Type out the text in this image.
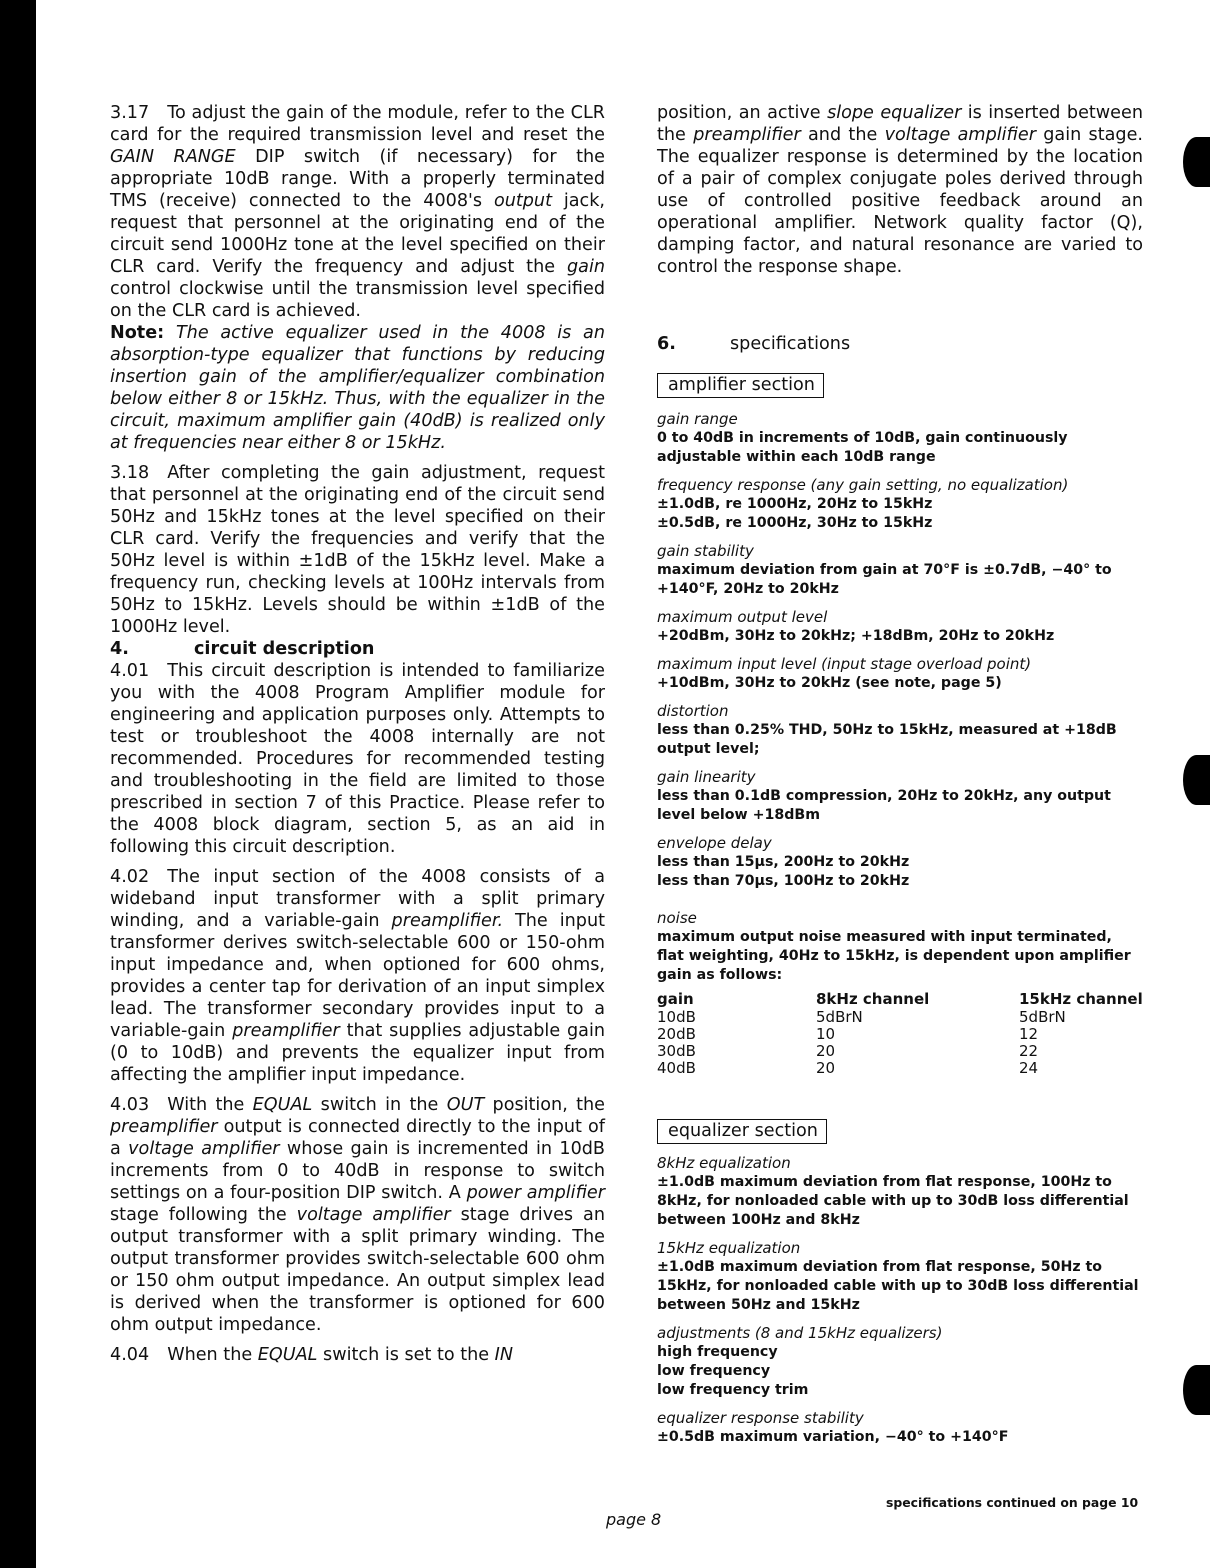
3.17 To adjust the gain of the module, refer to the CLR card for the required transmission level and reset the GAIN RANGE DIP switch (if necessary) for the appropriate 10dB range. With a properly terminated TMS (receive) connected to the 4008's output jack, request that personnel at the originating end of the circuit send 1000Hz tone at the level specified on their CLR card. Verify the frequency and adjust the gain control clockwise until the transmission level specified on the CLR card is achieved.

Note: The active equalizer used in the 4008 is an absorption-type equalizer that functions by reducing insertion gain of the amplifier/equalizer combination below either 8 or 15kHz. Thus, with the equalizer in the circuit, maximum amplifier gain (40dB) is realized only at frequencies near either 8 or 15kHz.

3.18 After completing the gain adjustment, request that personnel at the originating end of the circuit send 50Hz and 15kHz tones at the level specified on their CLR card. Verify the frequencies and verify that the 50Hz level is within ±1dB of the 15kHz level. Make a frequency run, checking levels at 100Hz intervals from 50Hz to 15kHz. Levels should be within ±1dB of the 1000Hz level.

4.	circuit description

4.01 This circuit description is intended to familiarize you with the 4008 Program Amplifier module for engineering and application purposes only. Attempts to test or troubleshoot the 4008 internally are not recommended. Procedures for recommended testing and troubleshooting in the field are limited to those prescribed in section 7 of this Practice. Please refer to the 4008 block diagram, section 5, as an aid in following this circuit description.

4.02 The input section of the 4008 consists of a wideband input transformer with a split primary winding, and a variable-gain preamplifier. The input transformer derives switch-selectable 600 or 150-ohm input impedance and, when optioned for 600 ohms, provides a center tap for derivation of an input simplex lead. The transformer secondary provides input to a variable-gain preamplifier that supplies adjustable gain (0 to 10dB) and prevents the equalizer input from affecting the amplifier input impedance.

4.03 With the EQUAL switch in the OUT position, the preamplifier output is connected directly to the input of a voltage amplifier whose gain is incremented in 10dB increments from 0 to 40dB in response to switch settings on a four-position DIP switch. A power amplifier stage following the voltage amplifier stage drives an output transformer with a split primary winding. The output transformer provides switch-selectable 600 ohm or 150 ohm output impedance. An output simplex lead is derived when the transformer is optioned for 600 ohm output impedance.

4.04 When the EQUAL switch is set to the IN

position, an active slope equalizer is inserted between the preamplifier and the voltage amplifier gain stage. The equalizer response is determined by the location of a pair of complex conjugate poles derived through use of controlled positive feedback around an operational amplifier. Network quality factor (Q), damping factor, and natural resonance are varied to control the response shape.

6.	specifications

amplifier section

gain range

0 to 40dB in increments of 10dB, gain continuously adjustable within each 10dB range

frequency response (any gain setting, no equalization)

±1.0dB, re 1000Hz, 20Hz to 15kHz

±0.5dB, re 1000Hz, 30Hz to 15kHz

gain stability

maximum deviation from gain at 70°F is ±0.7dB, −40° to +140°F, 20Hz to 20kHz

maximum output level

+20dBm, 30Hz to 20kHz; +18dBm, 20Hz to 20kHz

maximum input level (input stage overload point)

+10dBm, 30Hz to 20kHz (see note, page 5)

distortion

less than 0.25% THD, 50Hz to 15kHz, measured at +18dB output level;

gain linearity

less than 0.1dB compression, 20Hz to 20kHz, any output level below +18dBm

envelope delay

less than 15µs, 200Hz to 20kHz

less than 70µs, 100Hz to 20kHz

noise

maximum output noise measured with input terminated, flat weighting, 40Hz to 15kHz, is dependent upon amplifier gain as follows:

gain	8kHz channel	15kHz channel
10dB	5dBrN	5dBrN
20dB	10	12
30dB	20	22
40dB	20	24
equalizer section

8kHz equalization

±1.0dB maximum deviation from flat response, 100Hz to 8kHz, for nonloaded cable with up to 30dB loss differential between 100Hz and 8kHz

15kHz equalization

±1.0dB maximum deviation from flat response, 50Hz to 15kHz, for nonloaded cable with up to 30dB loss differential between 50Hz and 15kHz

adjustments (8 and 15kHz equalizers)

high frequency

low frequency

low frequency trim

equalizer response stability

±0.5dB maximum variation, −40° to +140°F

specifications continued on page 10
page 8
